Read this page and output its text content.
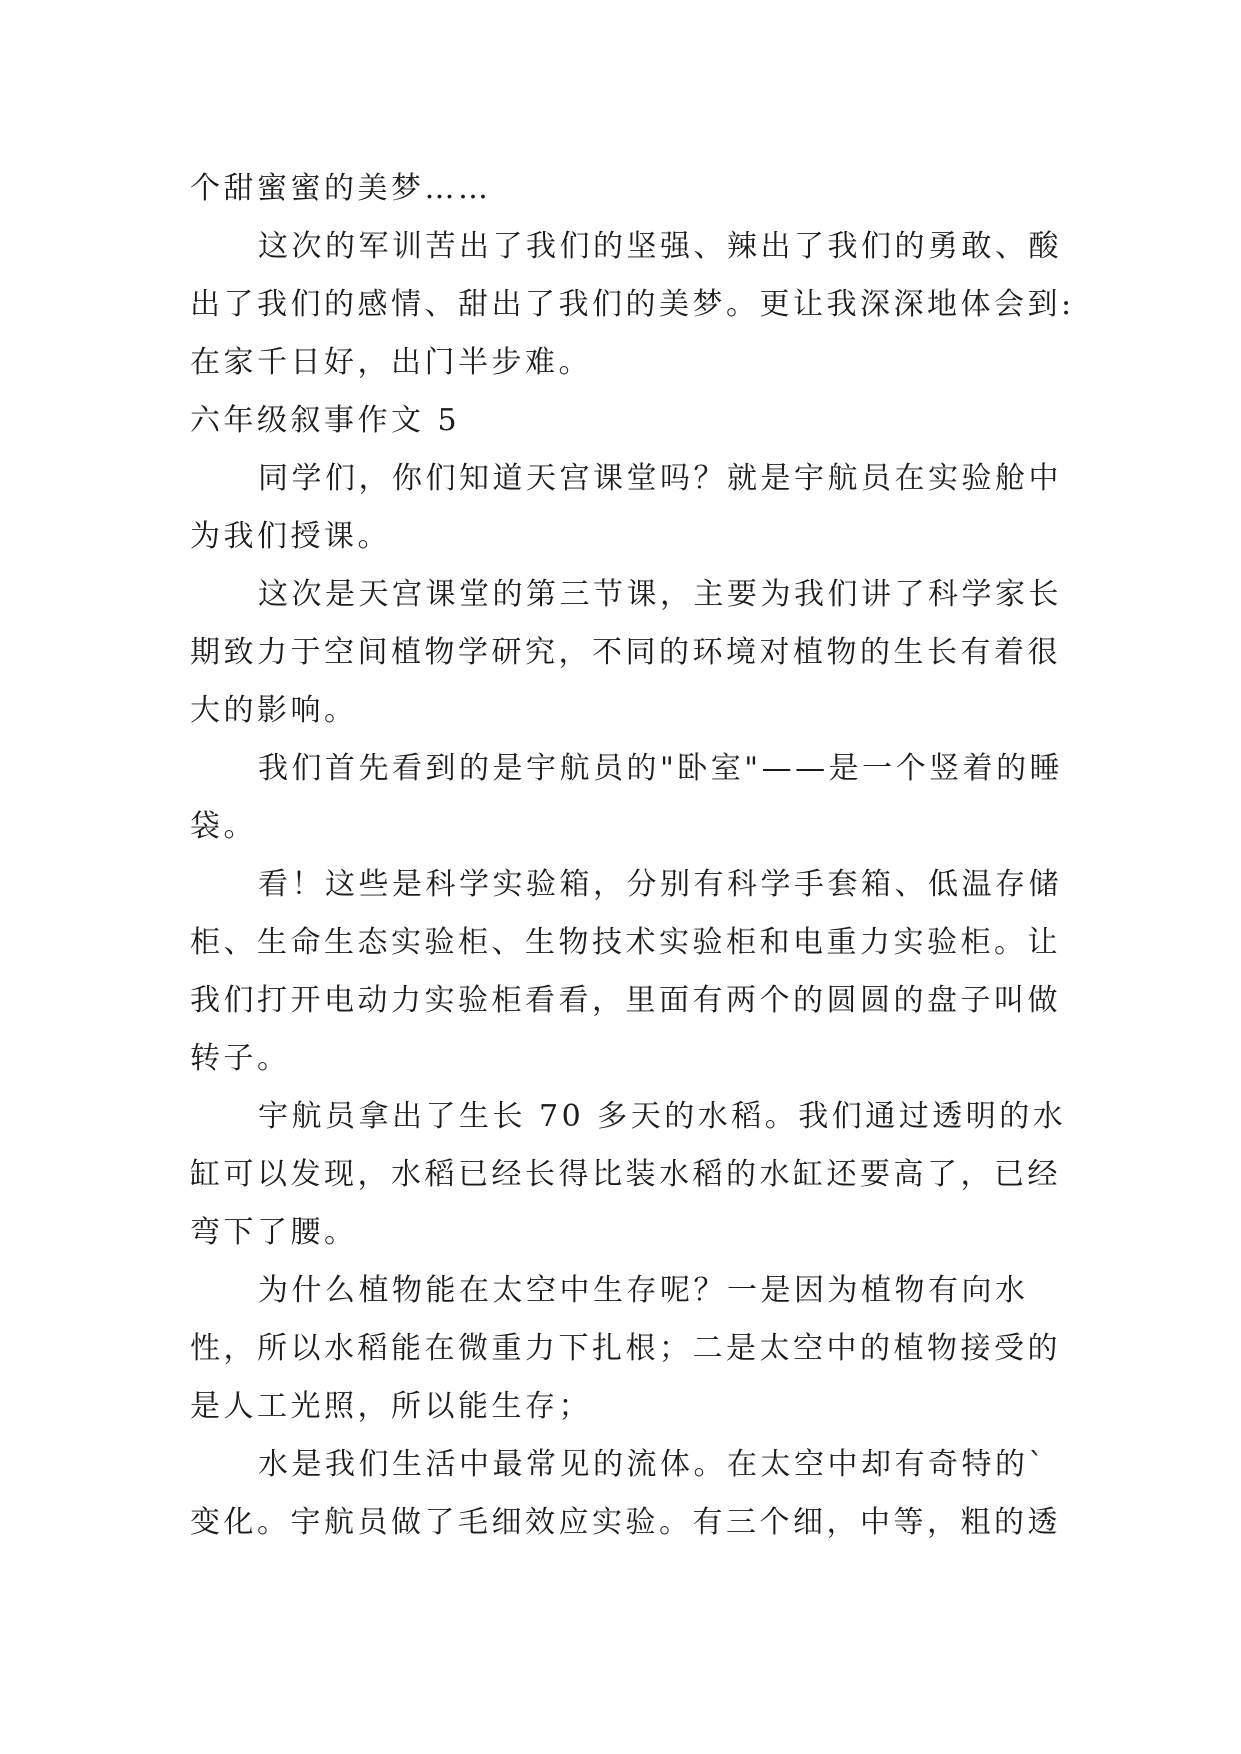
个甜蜜蜜的美梦……
这次的军训苦出了我们的坚强、辣出了我们的勇敢、酸
出了我们的感情、甜出了我们的美梦。更让我深深地体会到:
在家千日好，出门半步难。
六年级叙事作文 5
同学们，你们知道天宫课堂吗？就是宇航员在实验舱中
为我们授课。
这次是天宫课堂的第三节课，主要为我们讲了科学家长
期致力于空间植物学研究，不同的环境对植物的生长有着很
大的影响。
我们首先看到的是宇航员的"卧室"——是一个竖着的睡
袋。
看！这些是科学实验箱，分别有科学手套箱、低温存储
柜、生命生态实验柜、生物技术实验柜和电重力实验柜。让
我们打开电动力实验柜看看，里面有两个的圆圆的盘子叫做
转子。
宇航员拿出了生长 70 多天的水稻。我们通过透明的水
缸可以发现，水稻已经长得比装水稻的水缸还要高了，已经
弯下了腰。
为什么植物能在太空中生存呢？一是因为植物有向水
性，所以水稻能在微重力下扎根；二是太空中的植物接受的
是人工光照，所以能生存；
水是我们生活中最常见的流体。在太空中却有奇特的`
变化。宇航员做了毛细效应实验。有三个细，中等，粗的透
